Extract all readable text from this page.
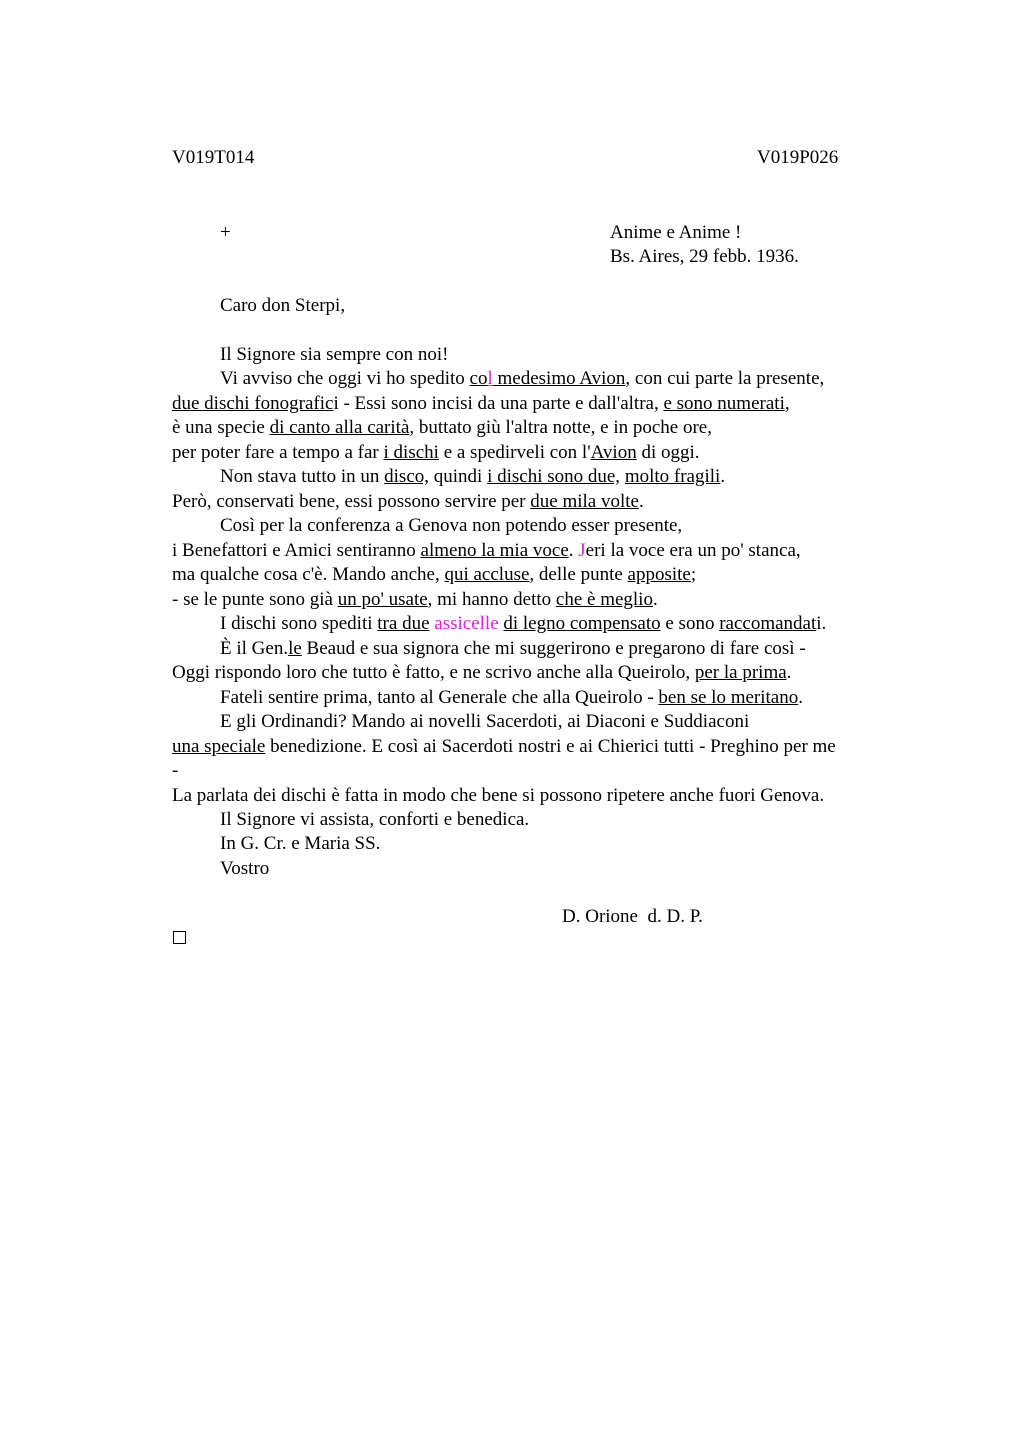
V019T014	V019P026
+	Anime e Anime !
Bs. Aires, 29 febb. 1936.
Caro don Sterpi,
Il Signore sia sempre con noi!
Vi avviso che oggi vi ho spedito col medesimo Avion, con cui parte la presente,
due dischi fonografici - Essi sono incisi da una parte e dall'altra, e sono numerati,
è una specie di canto alla carità, buttato giù l'altra notte, e in poche ore,
per poter fare a tempo a far i dischi e a spedirveli con l'Avion di oggi.
Non stava tutto in un disco, quindi i dischi sono due, molto fragili.
Però, conservati bene, essi possono servire per due mila volte.
Così per la conferenza a Genova non potendo esser presente,
i Benefattori e Amici sentiranno almeno la mia voce. Jeri la voce era un po' stanca,
ma qualche cosa c'è. Mando anche, qui accluse, delle punte apposite;
- se le punte sono già un po' usate, mi hanno detto che è meglio.
I dischi sono spediti tra due assicelle di legno compensato e sono raccomandati.
È il Gen.le Beaud e sua signora che mi suggerirono e pregarono di fare così -
Oggi rispondo loro che tutto è fatto, e ne scrivo anche alla Queirolo, per la prima.
Fateli sentire prima, tanto al Generale che alla Queirolo - ben se lo meritano.
E gli Ordinandi? Mando ai novelli Sacerdoti, ai Diaconi e Suddiaconi
una speciale benedizione. E così ai Sacerdoti nostri e ai Chierici tutti - Preghino per me
-
La parlata dei dischi è fatta in modo che bene si possono ripetere anche fuori Genova.
Il Signore vi assista, conforti e benedica.
In G. Cr. e Maria SS.
Vostro
D. Orione  d. D. P.
